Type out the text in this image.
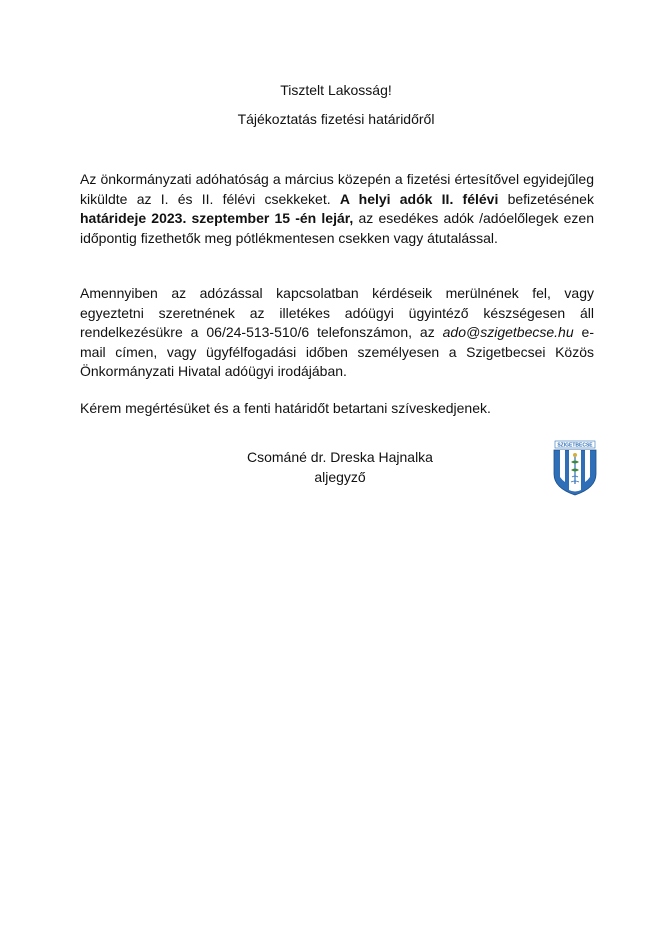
Tisztelt Lakosság!
Tájékoztatás fizetési határidőről
Az önkormányzati adóhatóság a március közepén a fizetési értesítővel egyidejűleg kiküldte az I. és II. félévi csekkeket. A helyi adók II. félévi befizetésének határideje 2023. szeptember 15 -én lejár, az esedékes adók /adóelőlegek ezen időpontig fizethetők meg pótlékmentesen csekken vagy átutalással.
Amennyiben az adózással kapcsolatban kérdéseik merülnének fel, vagy egyeztetni szeretnének az illetékes adóügyi ügyintéző készségesen áll rendelkezésükre a 06/24-513-510/6 telefonszámon, az ado@szigetbecse.hu e-mail címen, vagy ügyfélfogadási időben személyesen a Szigetbecsei Közös Önkormányzati Hivatal adóügyi irodájában.
Kérem megértésüket és a fenti határidőt betartani szíveskedjenek.
Csománé dr. Dreska Hajnalka
aljegyző
SZIGETBECSE
